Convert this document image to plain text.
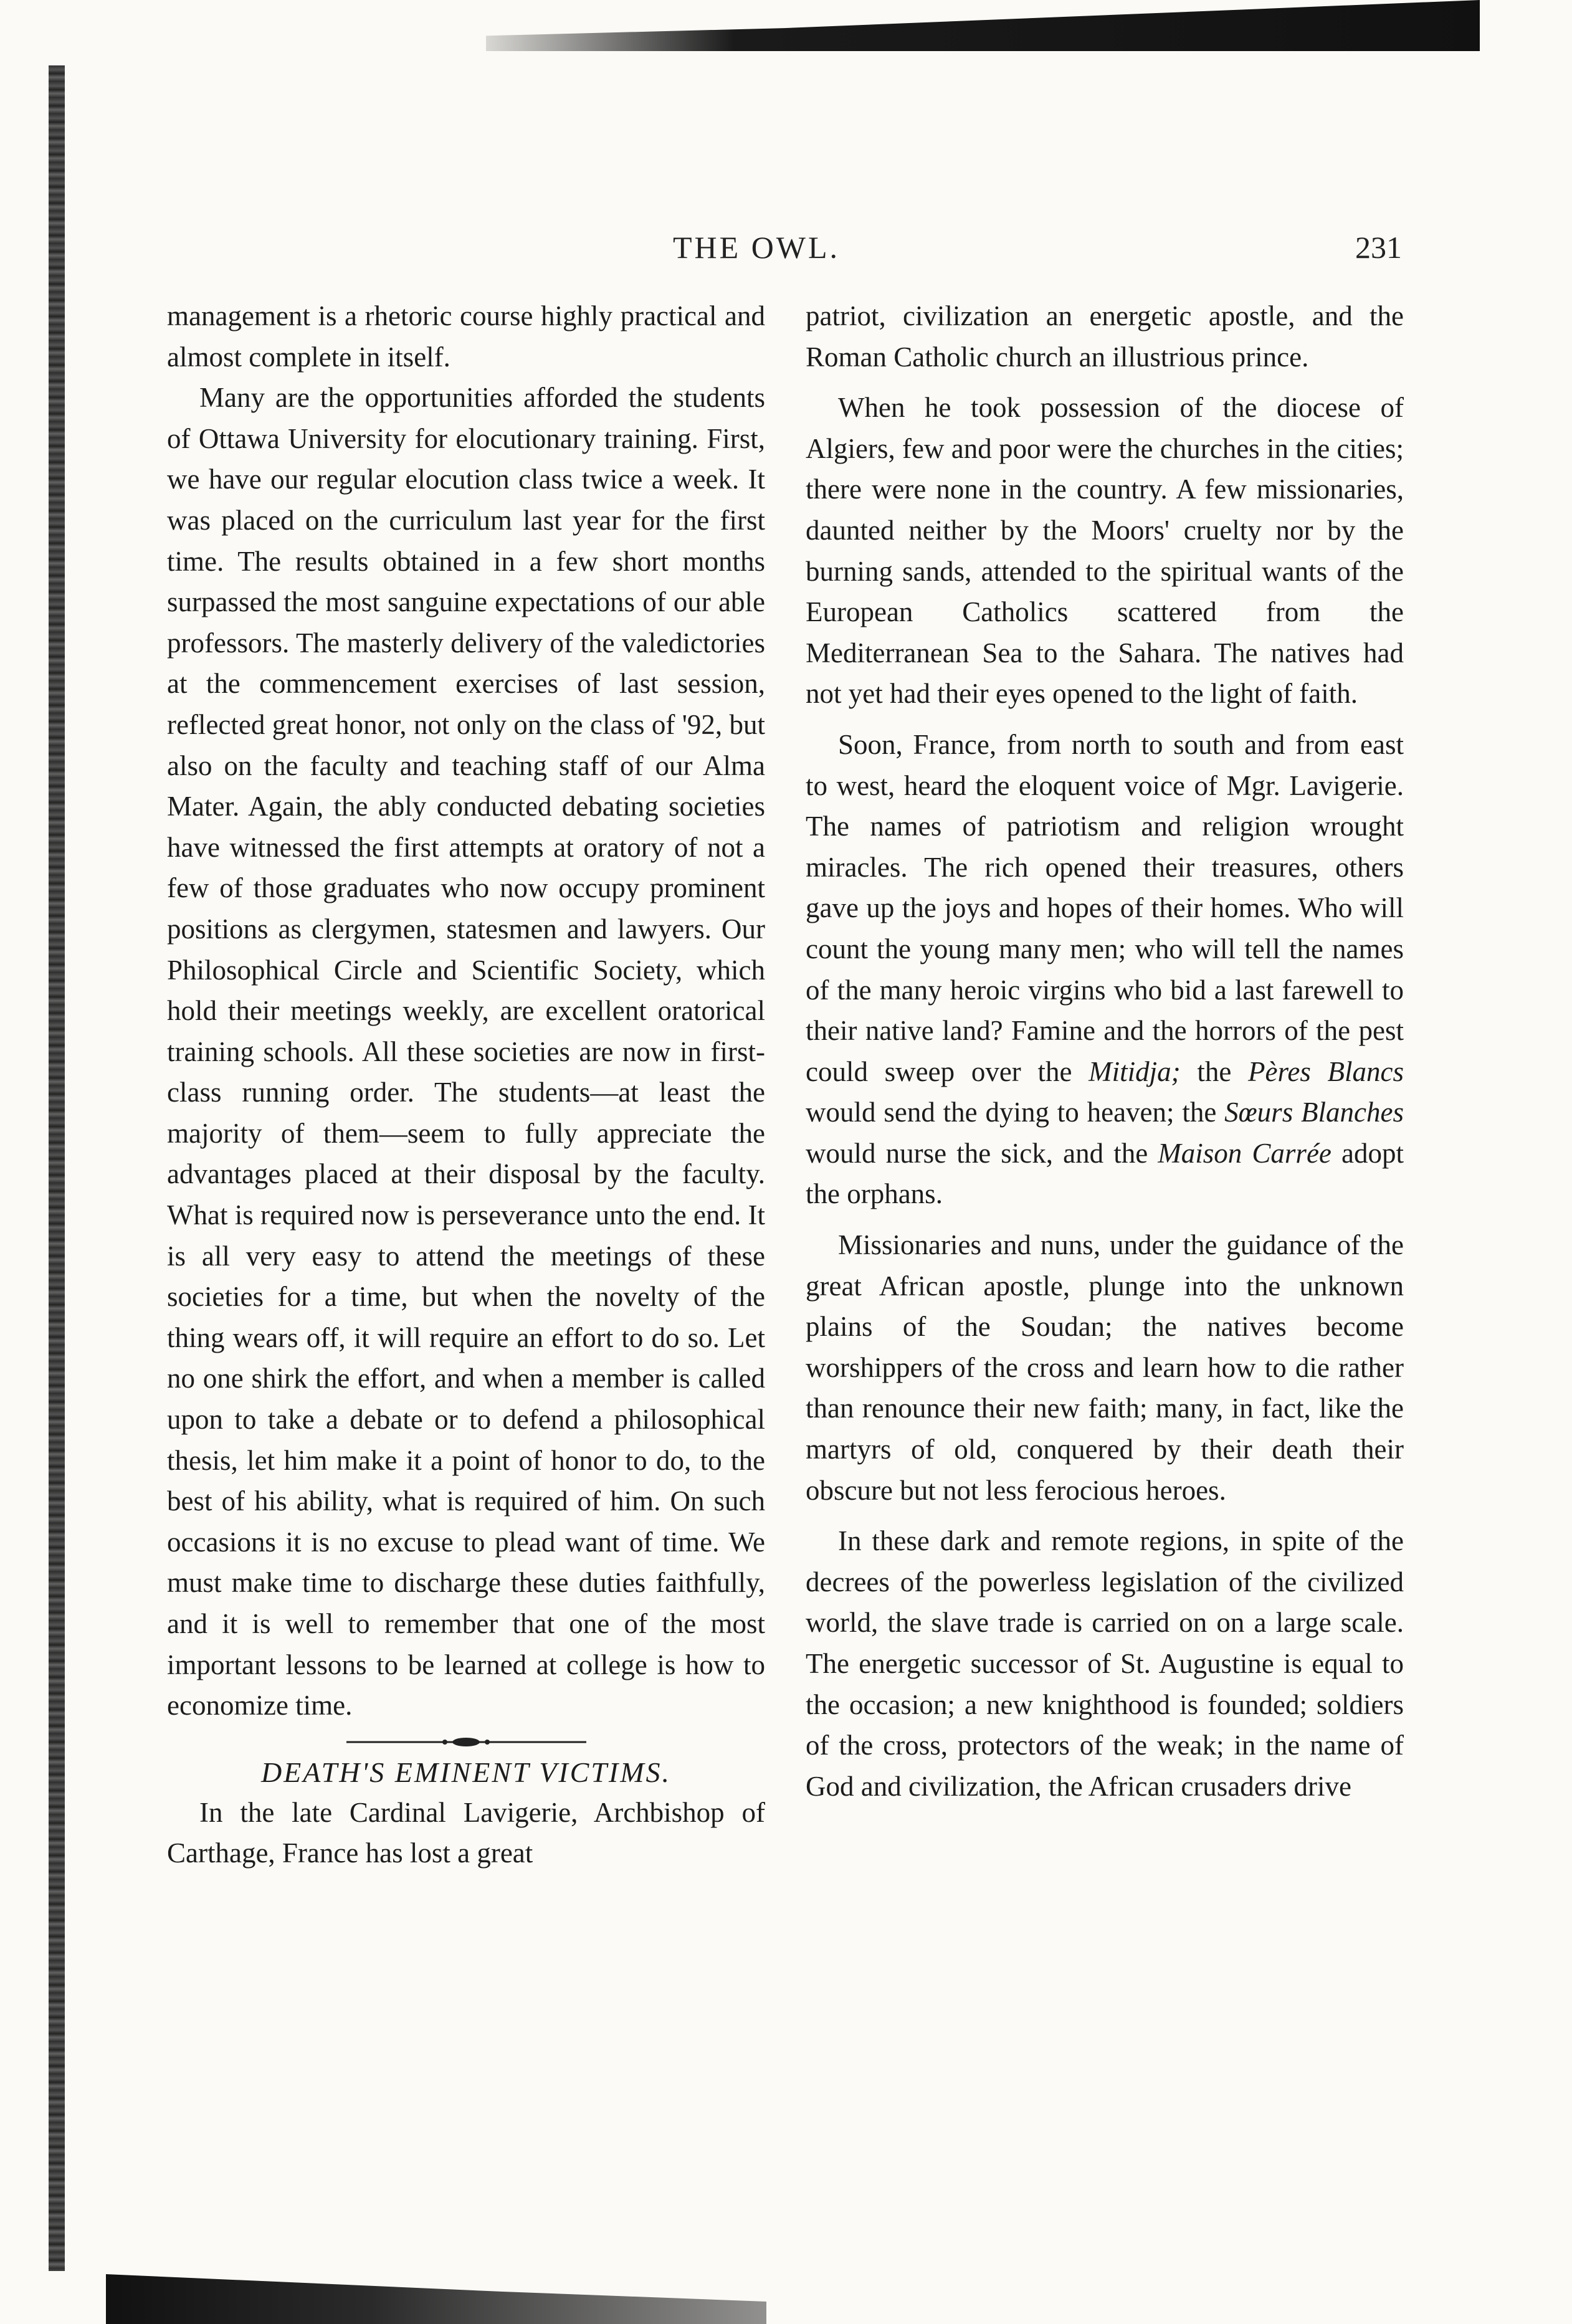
THE OWL.	231

management is a rhetoric course highly practical and almost complete in itself.

Many are the opportunities afforded the students of Ottawa University for elocutionary training. First, we have our regular elocution class twice a week. It was placed on the curriculum last year for the first time. The results obtained in a few short months surpassed the most sanguine expectations of our able professors. The masterly delivery of the valedictories at the commencement exercises of last session, reflected great honor, not only on the class of '92, but also on the faculty and teaching staff of our Alma Mater. Again, the ably conducted debating societies have witnessed the first attempts at oratory of not a few of those graduates who now occupy prominent positions as clergymen, statesmen and lawyers. Our Philosophical Circle and Scientific Society, which hold their meetings weekly, are excellent oratorical training schools. All these societies are now in first-class running order. The students—at least the majority of them—seem to fully appreciate the advantages placed at their disposal by the faculty. What is required now is perseverance unto the end. It is all very easy to attend the meetings of these societies for a time, but when the novelty of the thing wears off, it will require an effort to do so. Let no one shirk the effort, and when a member is called upon to take a debate or to defend a philosophical thesis, let him make it a point of honor to do, to the best of his ability, what is required of him. On such occasions it is no excuse to plead want of time. We must make time to discharge these duties faithfully, and it is well to remember that one of the most important lessons to be learned at college is how to economize time.

DEATH'S EMINENT VICTIMS.

In the late Cardinal Lavigerie, Archbishop of Carthage, France has lost a great

patriot, civilization an energetic apostle, and the Roman Catholic church an illustrious prince.

When he took possession of the diocese of Algiers, few and poor were the churches in the cities; there were none in the country. A few missionaries, daunted neither by the Moors' cruelty nor by the burning sands, attended to the spiritual wants of the European Catholics scattered from the Mediterranean Sea to the Sahara. The natives had not yet had their eyes opened to the light of faith.

Soon, France, from north to south and from east to west, heard the eloquent voice of Mgr. Lavigerie. The names of patriotism and religion wrought miracles. The rich opened their treasures, others gave up the joys and hopes of their homes. Who will count the young many men; who will tell the names of the many heroic virgins who bid a last farewell to their native land? Famine and the horrors of the pest could sweep over the Mitidja; the Pères Blancs would send the dying to heaven; the Sœurs Blanches would nurse the sick, and the Maison Carrée adopt the orphans.

Missionaries and nuns, under the guidance of the great African apostle, plunge into the unknown plains of the Soudan; the natives become worshippers of the cross and learn how to die rather than renounce their new faith; many, in fact, like the martyrs of old, conquered by their death their obscure but not less ferocious heroes.

In these dark and remote regions, in spite of the decrees of the powerless legislation of the civilized world, the slave trade is carried on on a large scale. The energetic successor of St. Augustine is equal to the occasion; a new knighthood is founded; soldiers of the cross, protectors of the weak; in the name of God and civilization, the African crusaders drive
